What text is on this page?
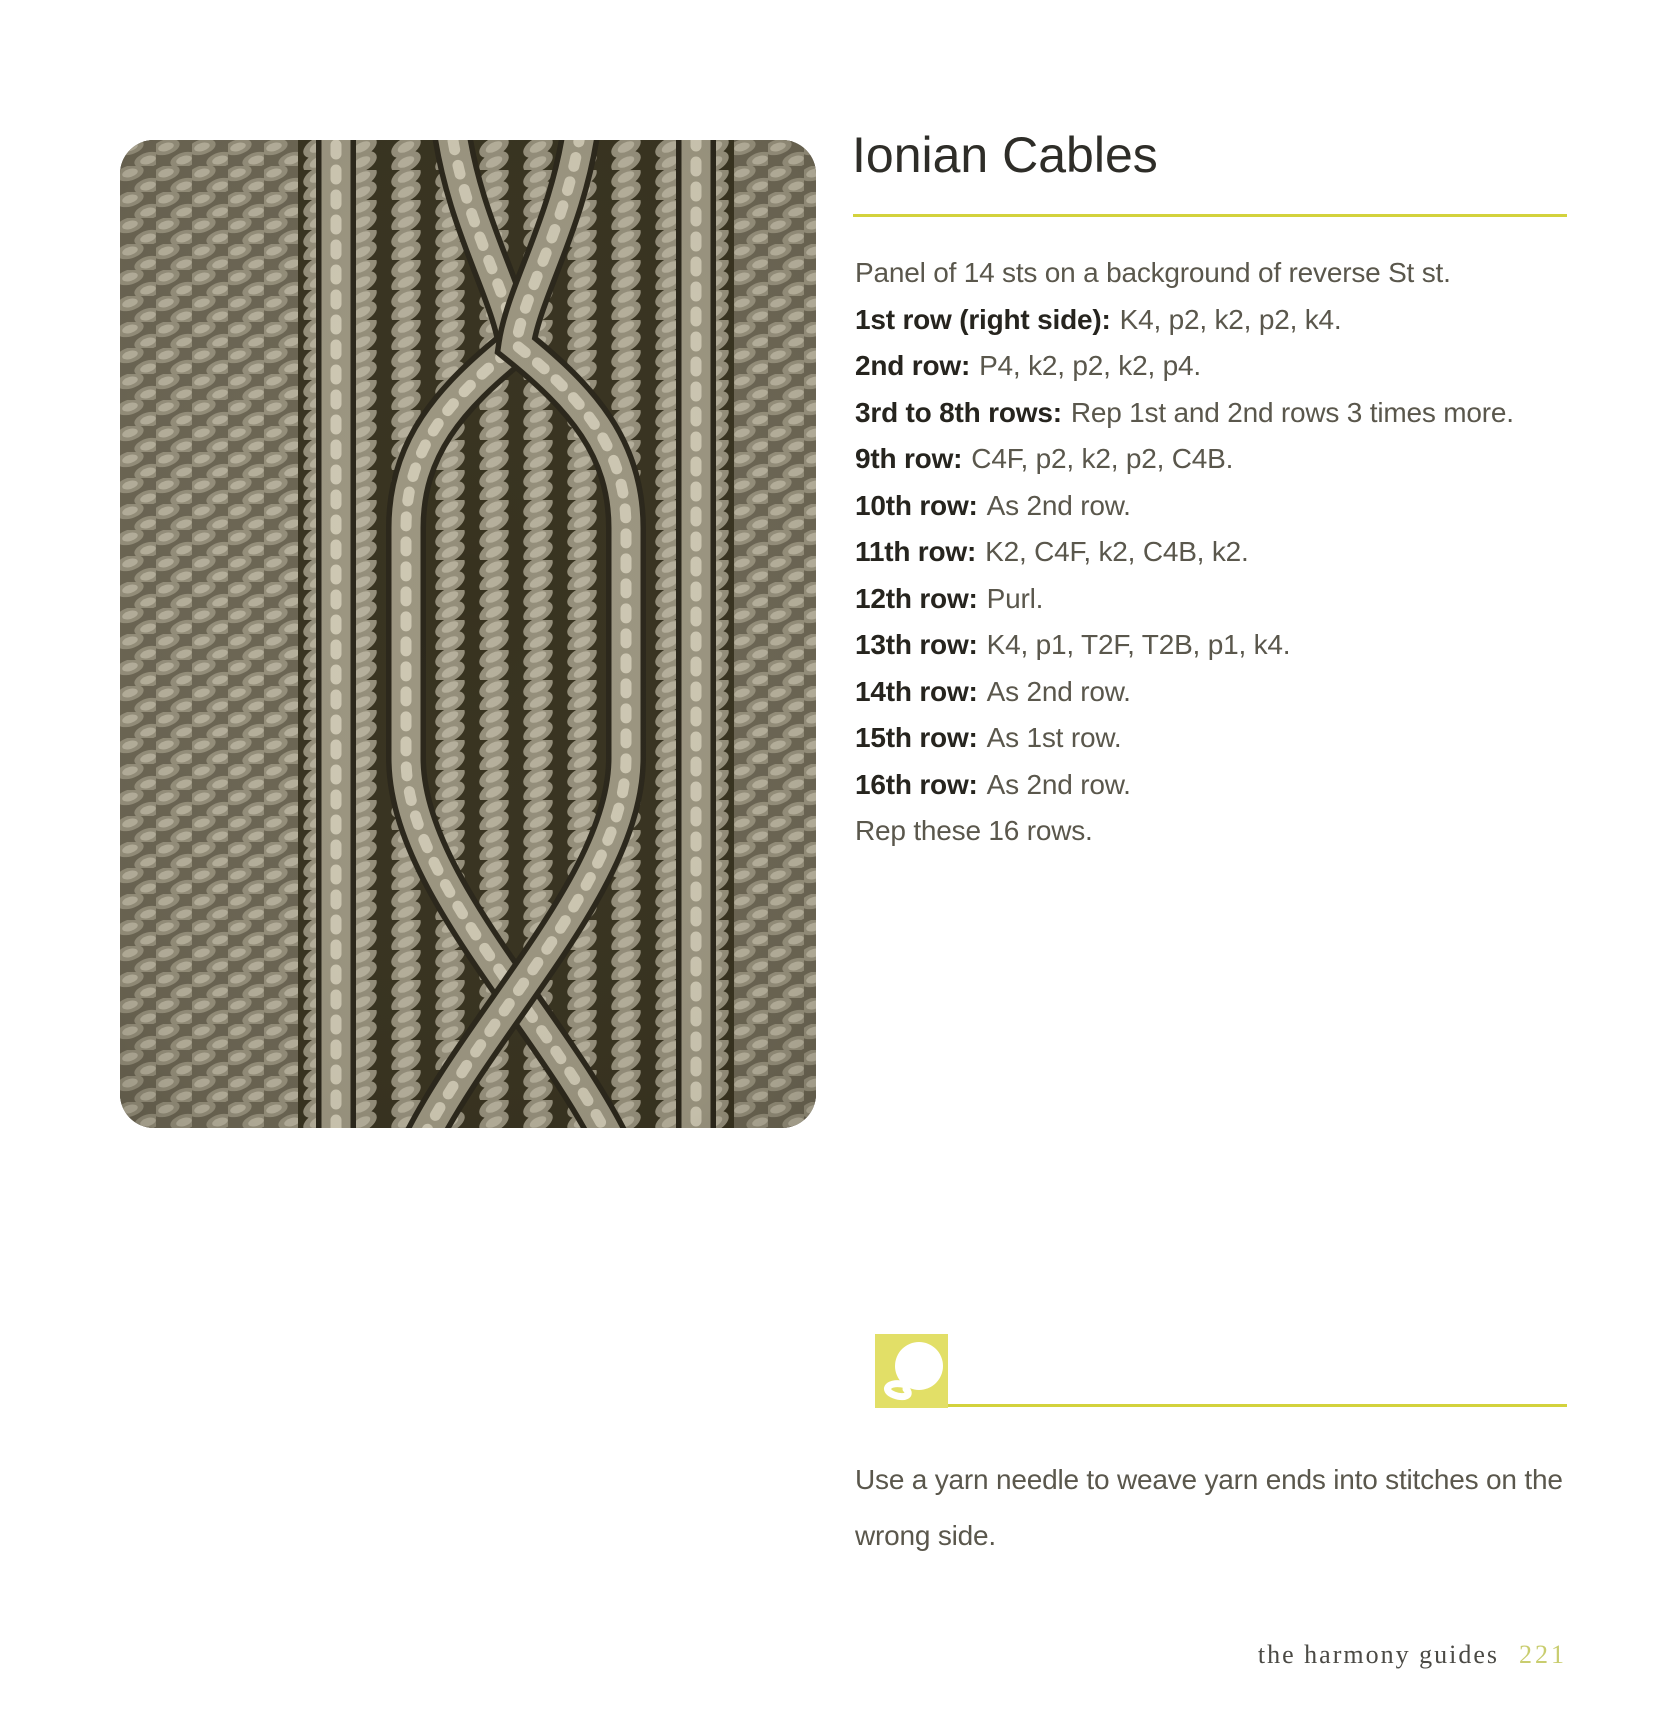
Ionian Cables
Panel of 14 sts on a background of reverse St st.
1st row (right side): K4, p2, k2, p2, k4.
2nd row: P4, k2, p2, k2, p4.
3rd to 8th rows: Rep 1st and 2nd rows 3 times more.
9th row: C4F, p2, k2, p2, C4B.
10th row: As 2nd row.
11th row: K2, C4F, k2, C4B, k2.
12th row: Purl.
13th row: K4, p1, T2F, T2B, p1, k4.
14th row: As 2nd row.
15th row: As 1st row.
16th row: As 2nd row.
Rep these 16 rows.
Use a yarn needle to weave yarn ends into stitches on the
wrong side.
the harmony guides 221
